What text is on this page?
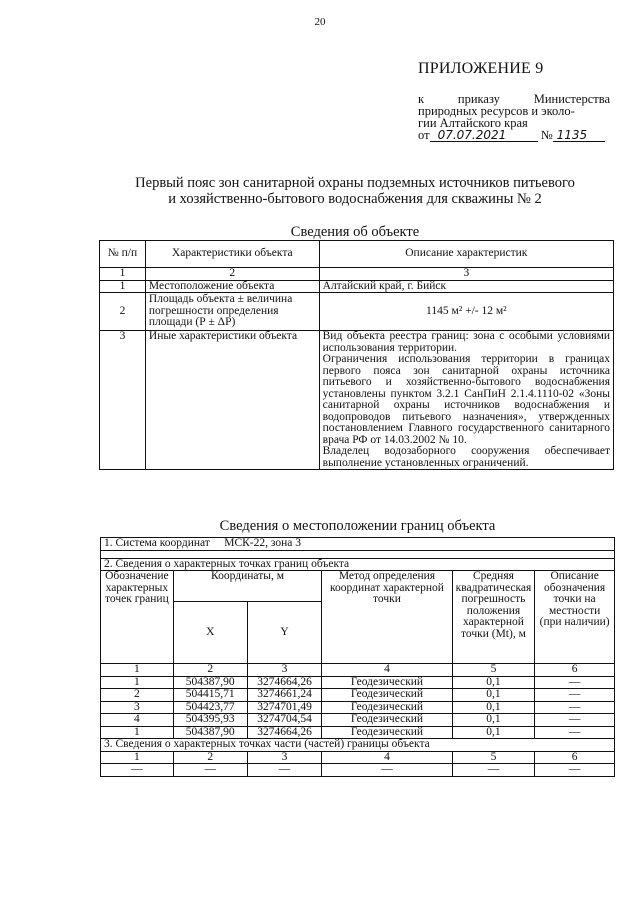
20
ПРИЛОЖЕНИЕ 9
к	приказу	Министерства
природных ресурсов и эколо-
гии Алтайского края
от 07.07.2021	№ 1135
Первый пояс зон санитарной охраны подземных источников питьевого
и хозяйственно-бытового водоснабжения для скважины № 2
Сведения об объекте
№ п/п	Характеристики объекта	Описание характеристик
1	2	3
1	Местоположение объекта	Алтайский край, г. Бийск
2	Площадь объекта ± величина погрешности определения площади (Р ± ΔР)	1145 м² +/- 12 м²
3	Иные характеристики объекта	Вид объекта реестра границ: зона с особыми условиями использования территории.
Ограничения использования территории в границах первого пояса зон санитарной охраны источника питьевого и хозяйственно-бытового водоснабжения установлены пунктом 3.2.1 СанПиН 2.1.4.1110-02 «Зоны санитарной охраны источников водоснабжения и водопроводов питьевого назначения», утвержденных постановлением Главного государственного санитарного врача РФ от 14.03.2002 № 10.
Владелец водозаборного сооружения обеспечивает выполнение установленных ограничений.
Сведения о местоположении границ объекта
1. Система координат МСК-22, зона 3					

2. Сведения о характерных точках границ объекта					
Обозначение характерных точек границ	Координаты, м		Метод определения координат характерной точки	Средняя квадратическая погрешность положения характерной точки (Mt), м	Описание обозначения точки на местности (при наличии)
	X	Y			
1	2	3	4	5	6
1	504387,90	3274664,26	Геодезический	0,1	—
2	504415,71	3274661,24	Геодезический	0,1	—
3	504423,77	3274701,49	Геодезический	0,1	—
4	504395,93	3274704,54	Геодезический	0,1	—
1	504387,90	3274664,26	Геодезический	0,1	—
3. Сведения о характерных точках части (частей) границы объекта					
1	2	3	4	5	6
—	—	—	—	—	—
